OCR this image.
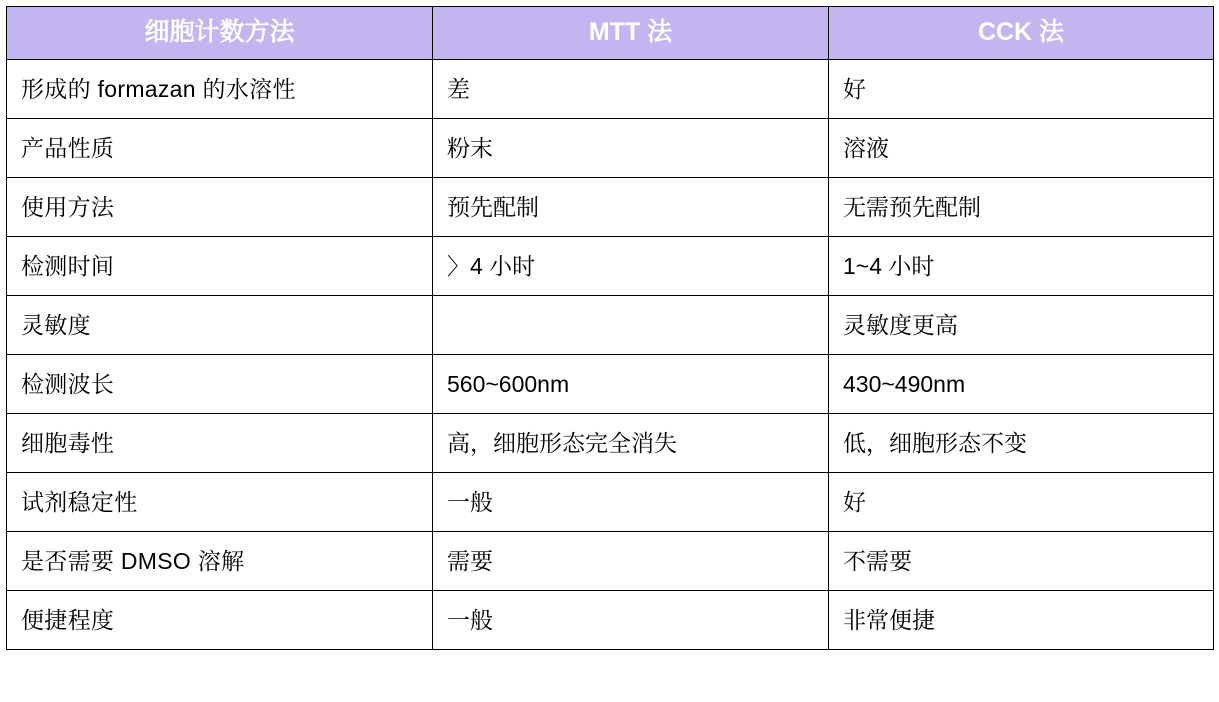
细胞计数方法	MTT 法	CCK 法
形成的 formazan 的水溶性	差	好
产品性质	粉末	溶液
使用方法	预先配制	无需预先配制
检测时间	〉4 小时	1~4 小时
灵敏度		灵敏度更高
检测波长	560~600nm	430~490nm
细胞毒性	高，细胞形态完全消失	低，细胞形态不变
试剂稳定性	一般	好
是否需要 DMSO 溶解	需要	不需要
便捷程度	一般	非常便捷
